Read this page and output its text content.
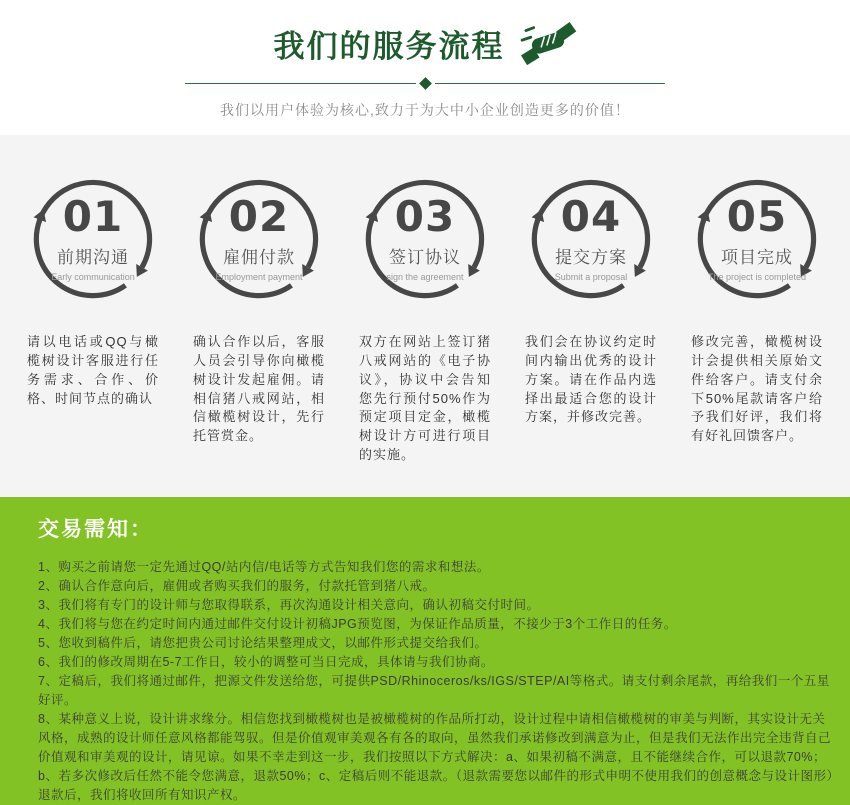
我们的服务流程
我们以用户体验为核心,致力于为大中小企业创造更多的价值！
01
前期沟通
Early communication

请以电话或QQ与橄榄树设计客服进行任务需求、合作、价格、时间节点的确认

02
雇佣付款
Employment payment

确认合作以后，客服人员会引导你向橄榄树设计发起雇佣。请相信猪八戒网站，相信橄榄树设计，先行托管赏金。

03
签订协议
sign the agreement

双方在网站上签订猪八戒网站的《电子协议》，协议中会告知您先行预付50%作为预定项目定金，橄榄树设计方可进行项目的实施。

04
提交方案
Submit a proposal

我们会在协议约定时间内输出优秀的设计方案。请在作品内选择出最适合您的设计方案，并修改完善。

05
项目完成
The project is completed

修改完善，橄榄树设计会提供相关原始文件给客户。请支付余下50%尾款请客户给予我们好评，我们将有好礼回馈客户。

交易需知：

1、购买之前请您一定先通过QQ/站内信/电话等方式告知我们您的需求和想法。

2、确认合作意向后，雇佣或者购买我们的服务，付款托管到猪八戒。

3、我们将有专门的设计师与您取得联系，再次沟通设计相关意向，确认初稿交付时间。

4、我们将与您在约定时间内通过邮件交付设计初稿JPG预览图，为保证作品质量，不接少于3个工作日的任务。

5、您收到稿件后，请您把贵公司讨论结果整理成文，以邮件形式提交给我们。

6、我们的修改周期在5-7工作日，较小的调整可当日完成，具体请与我们协商。

7、定稿后，我们将通过邮件，把源文件发送给您，可提供PSD/Rhinoceros/ks/IGS/STEP/AI等格式。请支付剩余尾款，再给我们一个五星好评。

8、某种意义上说，设计讲求缘分。相信您找到橄榄树也是被橄榄树的作品所打动，设计过程中请相信橄榄树的审美与判断，其实设计无关风格，成熟的设计师任意风格都能驾驭。但是价值观审美观各有各的取向，虽然我们承诺修改到满意为止，但是我们无法作出完全违背自己价值观和审美观的设计，请见谅。如果不幸走到这一步，我们按照以下方式解决：a、如果初稿不满意，且不能继续合作，可以退款70%；b、若多次修改后任然不能令您满意，退款50%；c、定稿后则不能退款。（退款需要您以邮件的形式申明不使用我们的创意概念与设计图形）退款后，我们将收回所有知识产权。
